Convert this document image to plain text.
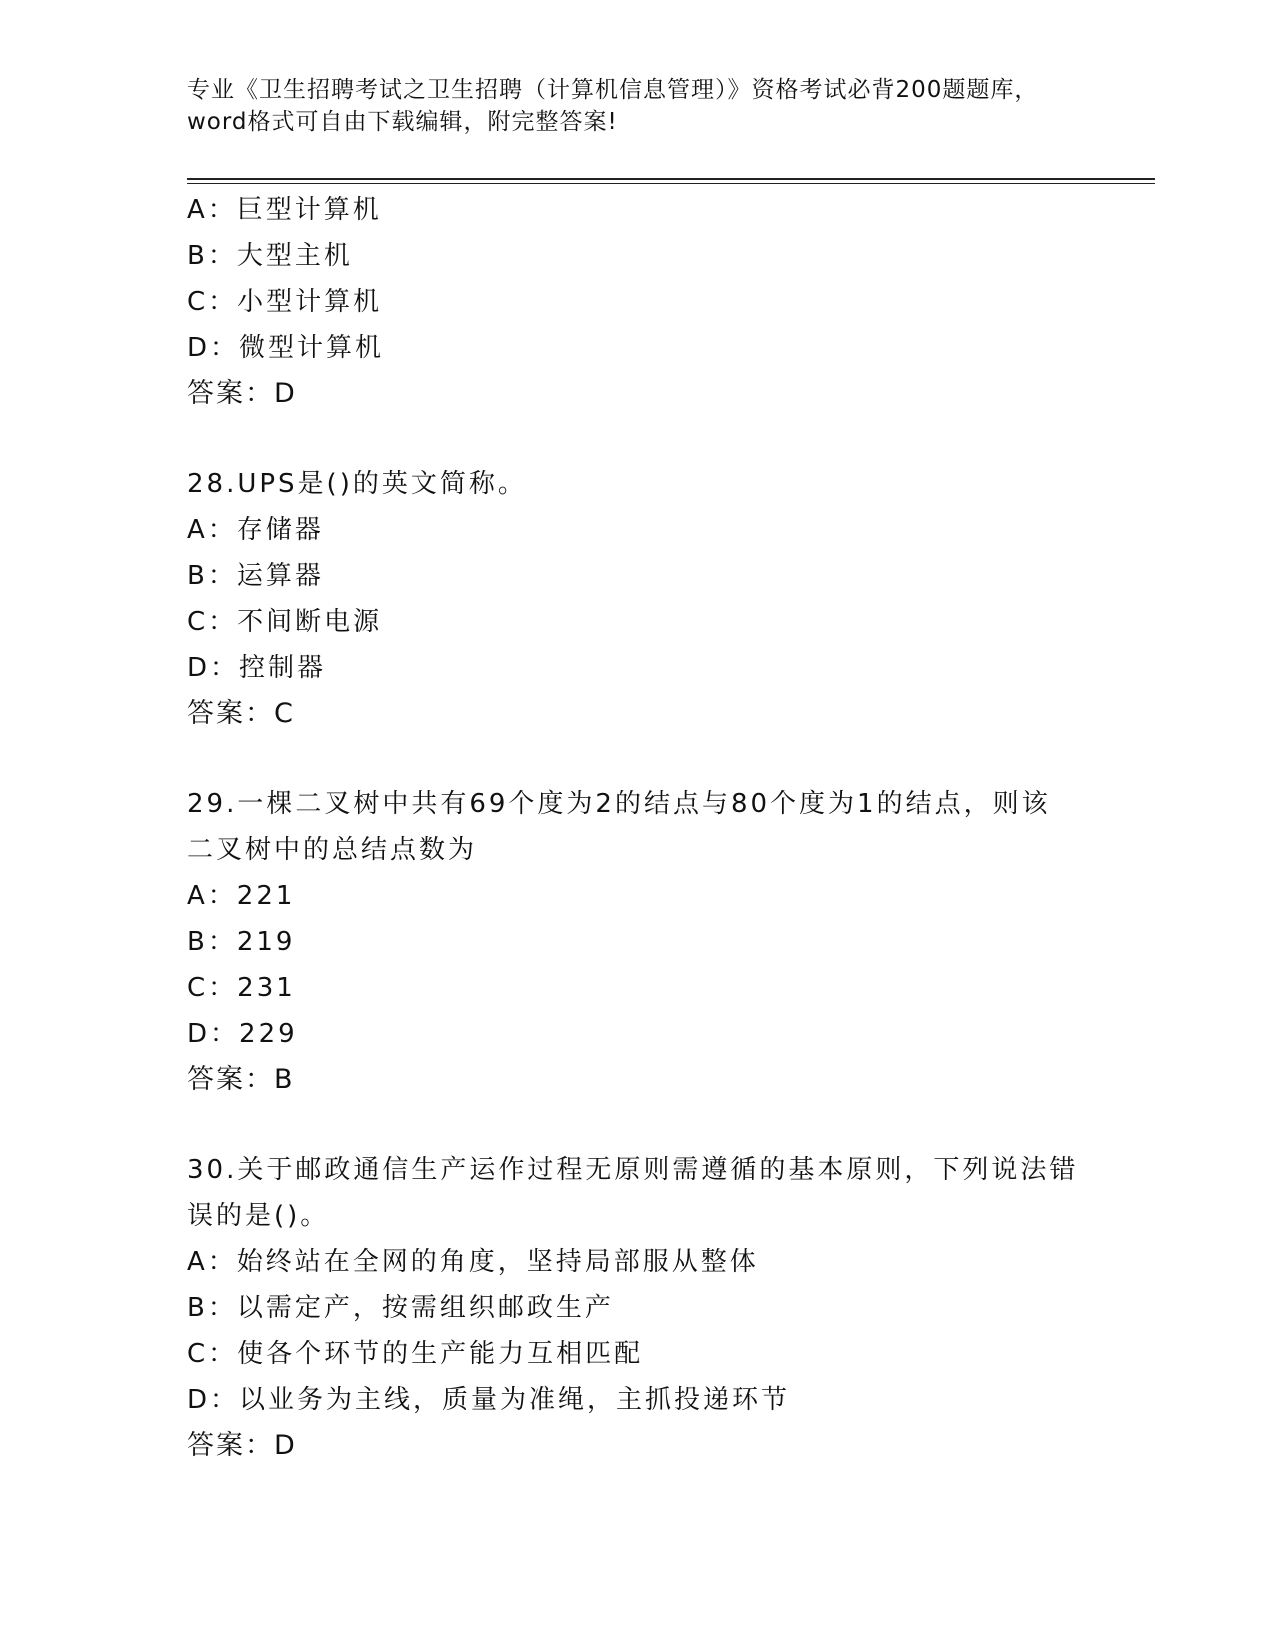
专业《卫生招聘考试之卫生招聘（计算机信息管理）》资格考试必背200题题库，
word格式可自由下载编辑，附完整答案!
A：巨型计算机
B：大型主机
C：小型计算机
D：微型计算机
答案：D
28.UPS是()的英文简称。
A：存储器
B：运算器
C：不间断电源
D：控制器
答案：C
29.一棵二叉树中共有69个度为2的结点与80个度为1的结点，则该
二叉树中的总结点数为
A：221
B：219
C：231
D：229
答案：B
30.关于邮政通信生产运作过程无原则需遵循的基本原则，下列说法错
误的是()。
A：始终站在全网的角度，坚持局部服从整体
B：以需定产，按需组织邮政生产
C：使各个环节的生产能力互相匹配
D：以业务为主线，质量为准绳，主抓投递环节
答案：D
